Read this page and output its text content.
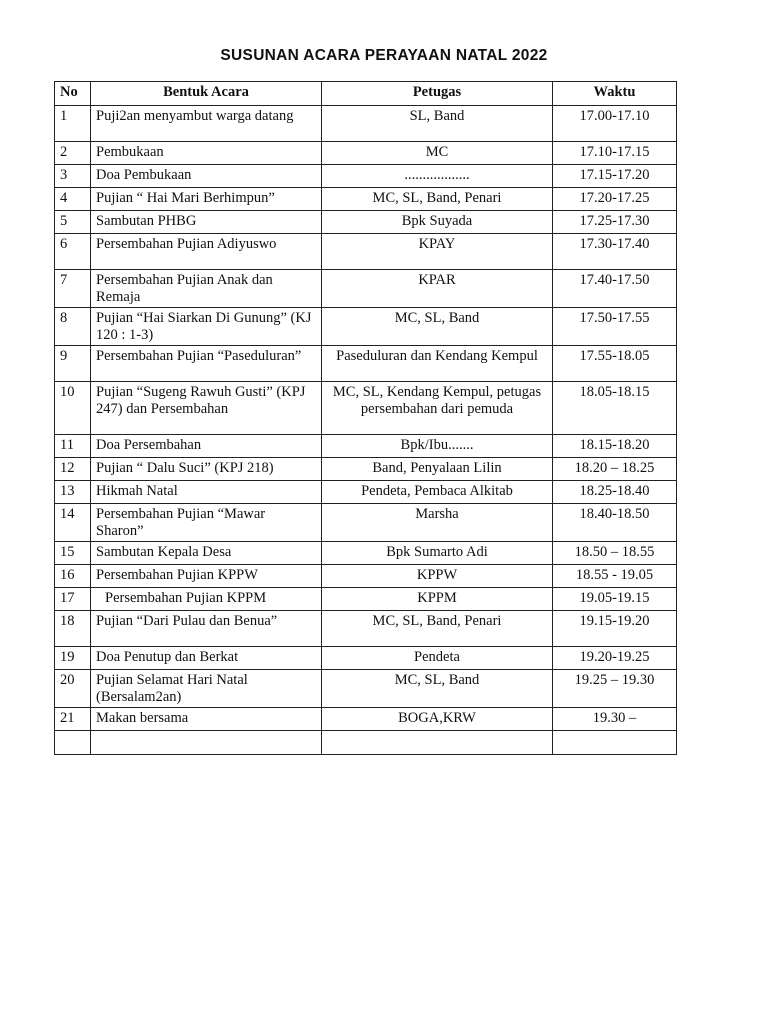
SUSUNAN ACARA PERAYAAN NATAL 2022
No	Bentuk Acara	Petugas	Waktu
1	Puji2an menyambut warga datang	SL, Band	17.00-17.10
2	Pembukaan	MC	17.10-17.15
3	Doa Pembukaan	..................	17.15-17.20
4	Pujian “ Hai Mari Berhimpun”	MC, SL, Band, Penari	17.20-17.25
5	Sambutan PHBG	Bpk Suyada	17.25-17.30
6	Persembahan Pujian Adiyuswo	KPAY	17.30-17.40
7	Persembahan Pujian Anak dan Remaja	KPAR	17.40-17.50
8	Pujian “Hai Siarkan Di Gunung” (KJ 120 : 1-3)	MC, SL, Band	17.50-17.55
9	Persembahan Pujian “Paseduluran”	Paseduluran dan Kendang Kempul	17.55-18.05
10	Pujian “Sugeng Rawuh Gusti” (KPJ 247) dan Persembahan	MC, SL, Kendang Kempul, petugas persembahan dari pemuda	18.05-18.15
11	Doa Persembahan	Bpk/Ibu.......	18.15-18.20
12	Pujian “ Dalu Suci” (KPJ 218)	Band, Penyalaan Lilin	18.20 – 18.25
13	Hikmah Natal	Pendeta, Pembaca Alkitab	18.25-18.40
14	Persembahan Pujian “Mawar Sharon”	Marsha	18.40-18.50
15	Sambutan Kepala Desa	Bpk Sumarto Adi	18.50 – 18.55
16	Persembahan Pujian KPPW	KPPW	18.55 - 19.05
17	Persembahan Pujian KPPM	KPPM	19.05-19.15
18	Pujian “Dari Pulau dan Benua”	MC, SL, Band, Penari	19.15-19.20
19	Doa Penutup dan Berkat	Pendeta	19.20-19.25
20	Pujian Selamat Hari Natal (Bersalam2an)	MC, SL, Band	19.25 – 19.30
21	Makan bersama	BOGA,KRW	19.30 –
